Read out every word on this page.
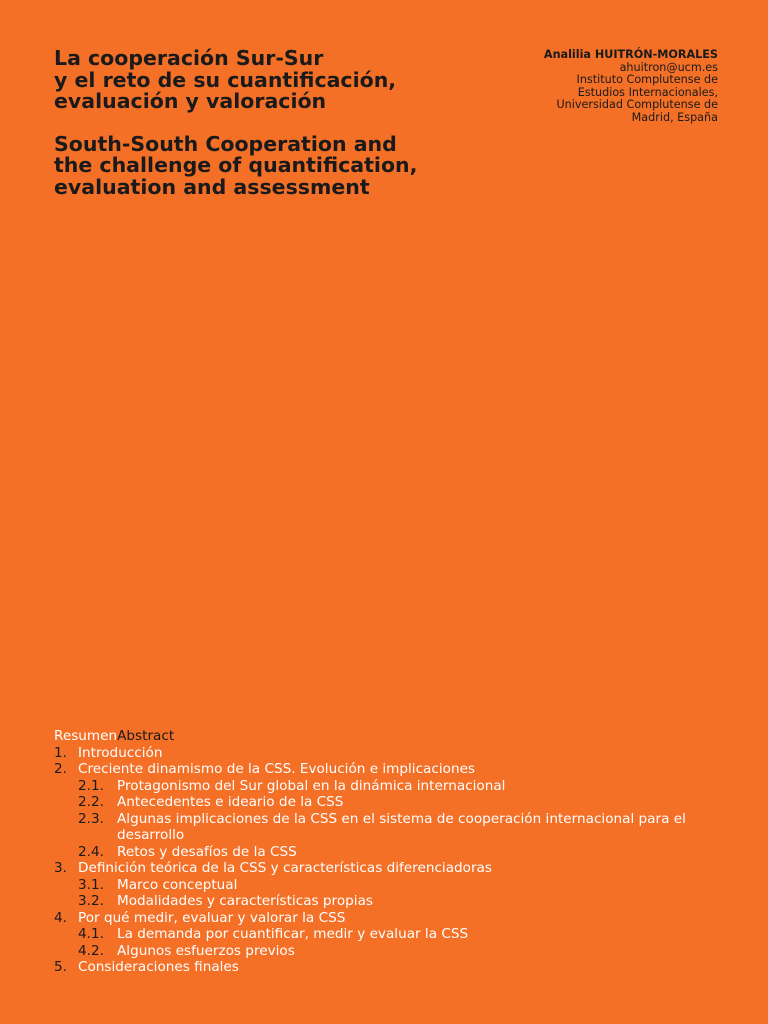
La cooperación Sur-Sur
y el reto de su cuantificación,
evaluación y valoración
South-South Cooperation and
the challenge of quantification,
evaluation and assessment
Analilia HUITRÓN-MORALES
ahuitron@ucm.es
Instituto Complutense de
Estudios Internacionales,
Universidad Complutense de
Madrid, España
ResumenAbstract
1. Introducción
2. Creciente dinamismo de la CSS. Evolución e implicaciones
2.1. Protagonismo del Sur global en la dinámica internacional
2.2. Antecedentes e ideario de la CSS
2.3. Algunas implicaciones de la CSS en el sistema de cooperación internacional para el desarrollo
2.4. Retos y desafíos de la CSS
3. Definición teórica de la CSS y características diferenciadoras
3.1. Marco conceptual
3.2. Modalidades y características propias
4. Por qué medir, evaluar y valorar la CSS
4.1. La demanda por cuantificar, medir y evaluar la CSS
4.2. Algunos esfuerzos previos
5. Consideraciones finales
